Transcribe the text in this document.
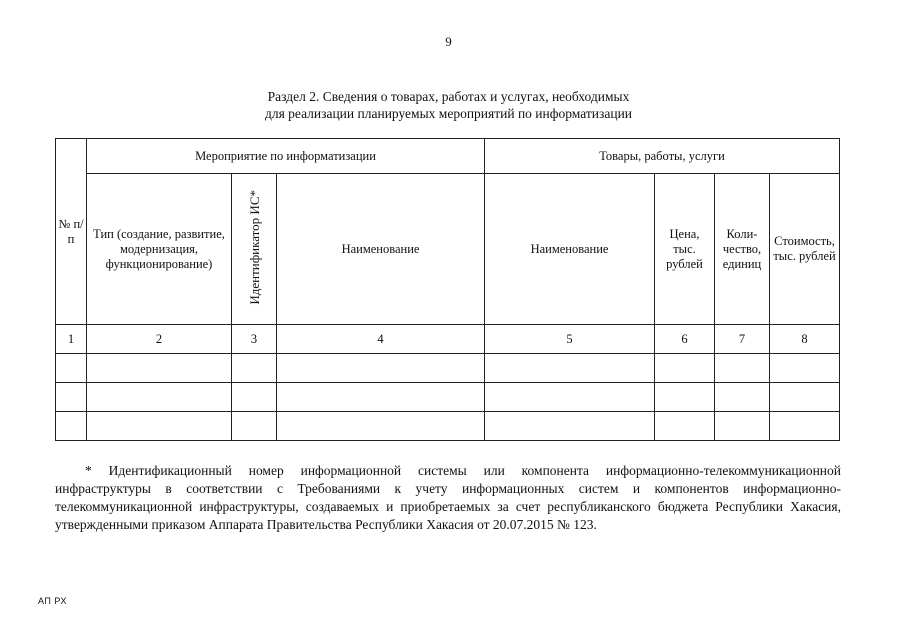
9
Раздел 2. Сведения о товарах, работах и услугах, необходимых
для реализации планируемых мероприятий по информатизации
№ п/п	Мероприятие по информатизации			Товары, работы, услуги			
	Тип (создание, развитие, модернизация, функционирование)	Идентификатор ИС*	Наименование	Наименование	Цена, тыс. рублей	Коли-чество, единиц	Стоимость, тыс. рублей
1	2	3	4	5	6	7	8

* Идентификационный номер информационной системы или компонента информационно-телекоммуникационной
инфраструктуры в соответствии с Требованиями к учету информационных систем и компонентов информационно-
телекоммуникационной инфраструктуры, создаваемых и приобретаемых за счет республиканского бюджета Республики Хакасия,
утвержденными приказом Аппарата Правительства Республики Хакасия от 20.07.2015 № 123.
АП РХ
